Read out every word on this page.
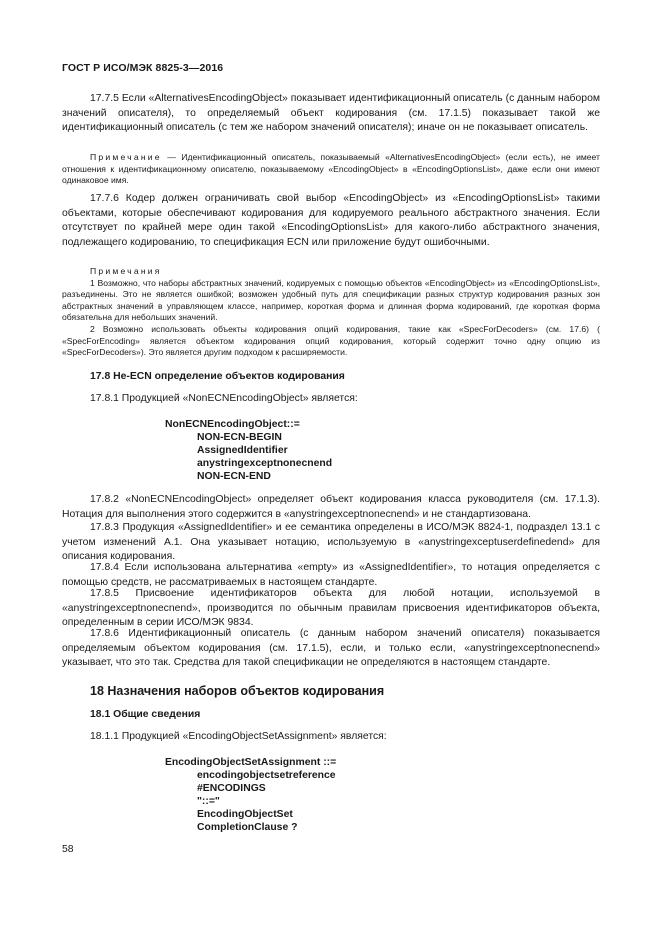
ГОСТ Р ИСО/МЭК 8825-3—2016

17.7.5 Если «AlternativesEncodingObject» показывает идентификационный описатель (с данным набором значений описателя), то определяемый объект кодирования (см. 17.1.5) показывает такой же идентификационный описатель (с тем же набором значений описателя); иначе он не показывает описатель.

Примечание — Идентификационный описатель, показываемый «AlternativesEncodingObject» (если есть), не имеет отношения к идентификационному описателю, показываемому «EncodingObject» в «EncodingOptionsList», даже если они имеют одинаковое имя.

17.7.6 Кодер должен ограничивать свой выбор «EncodingObject» из «EncodingOptionsList» такими объектами, которые обеспечивают кодирования для кодируемого реального абстрактного значения. Если отсутствует по крайней мере один такой «EncodingOptionsList» для какого-либо абстрактного значения, подлежащего кодированию, то спецификация ECN или приложение будут ошибочными.

Примечания
1 Возможно, что наборы абстрактных значений, кодируемых с помощью объектов «EncodingObject» из «EncodingOptionsList», разъединены. Это не является ошибкой; возможен удобный путь для спецификации разных структур кодирования разных зон абстрактных значений в управляющем классе, например, короткая форма и длинная форма кодирований, где короткая форма обязательна для небольших значений.
2 Возможно использовать объекты кодирования опций кодирования, такие как «SpecForDecoders» (см. 17.6) ( «SpecForEncoding» является объектом кодирования опций кодирования, который содержит точно одну опцию из «SpecForDecoders»). Это является другим подходом к расширяемости.
17.8 Не-ECN определение объектов кодирования

17.8.1 Продукцией «NonECNEncodingObject» является:

NonECNEncodingObject::=
NON-ECN-BEGIN
AssignedIdentifier
anystringexceptnonecnend
NON-ECN-END

17.8.2 «NonECNEncodingObject» определяет объект кодирования класса руководителя (см. 17.1.3). Нотация для выполнения этого содержится в «anystringexceptnonecnend» и не стандартизована.

17.8.3 Продукция «AssignedIdentifier» и ее семантика определены в ИСО/МЭК 8824-1, подраздел 13.1 с учетом изменений А.1. Она указывает нотацию, используемую в «anystringexceptuserdefinedend» для описания кодирования.

17.8.4 Если использована альтернатива «empty» из «AssignedIdentifier», то нотация определяется с помощью средств, не рассматриваемых в настоящем стандарте.

17.8.5 Присвоение идентификаторов объекта для любой нотации, используемой в «anystringexceptnonecnend», производится по обычным правилам присвоения идентификаторов объекта, определенным в серии ИСО/МЭК 9834.

17.8.6 Идентификационный описатель (с данным набором значений описателя) показывается определяемым объектом кодирования (см. 17.1.5), если, и только если, «anystringexceptnonecnend» указывает, что это так. Средства для такой спецификации не определяются в настоящем стандарте.

18 Назначения наборов объектов кодирования
18.1 Общие сведения

18.1.1 Продукцией «EncodingObjectSetAssignment» является:

EncodingObjectSetAssignment ::=
encodingobjectsetreference
#ENCODINGS
"::="
EncodingObjectSet
CompletionClause ?
58
